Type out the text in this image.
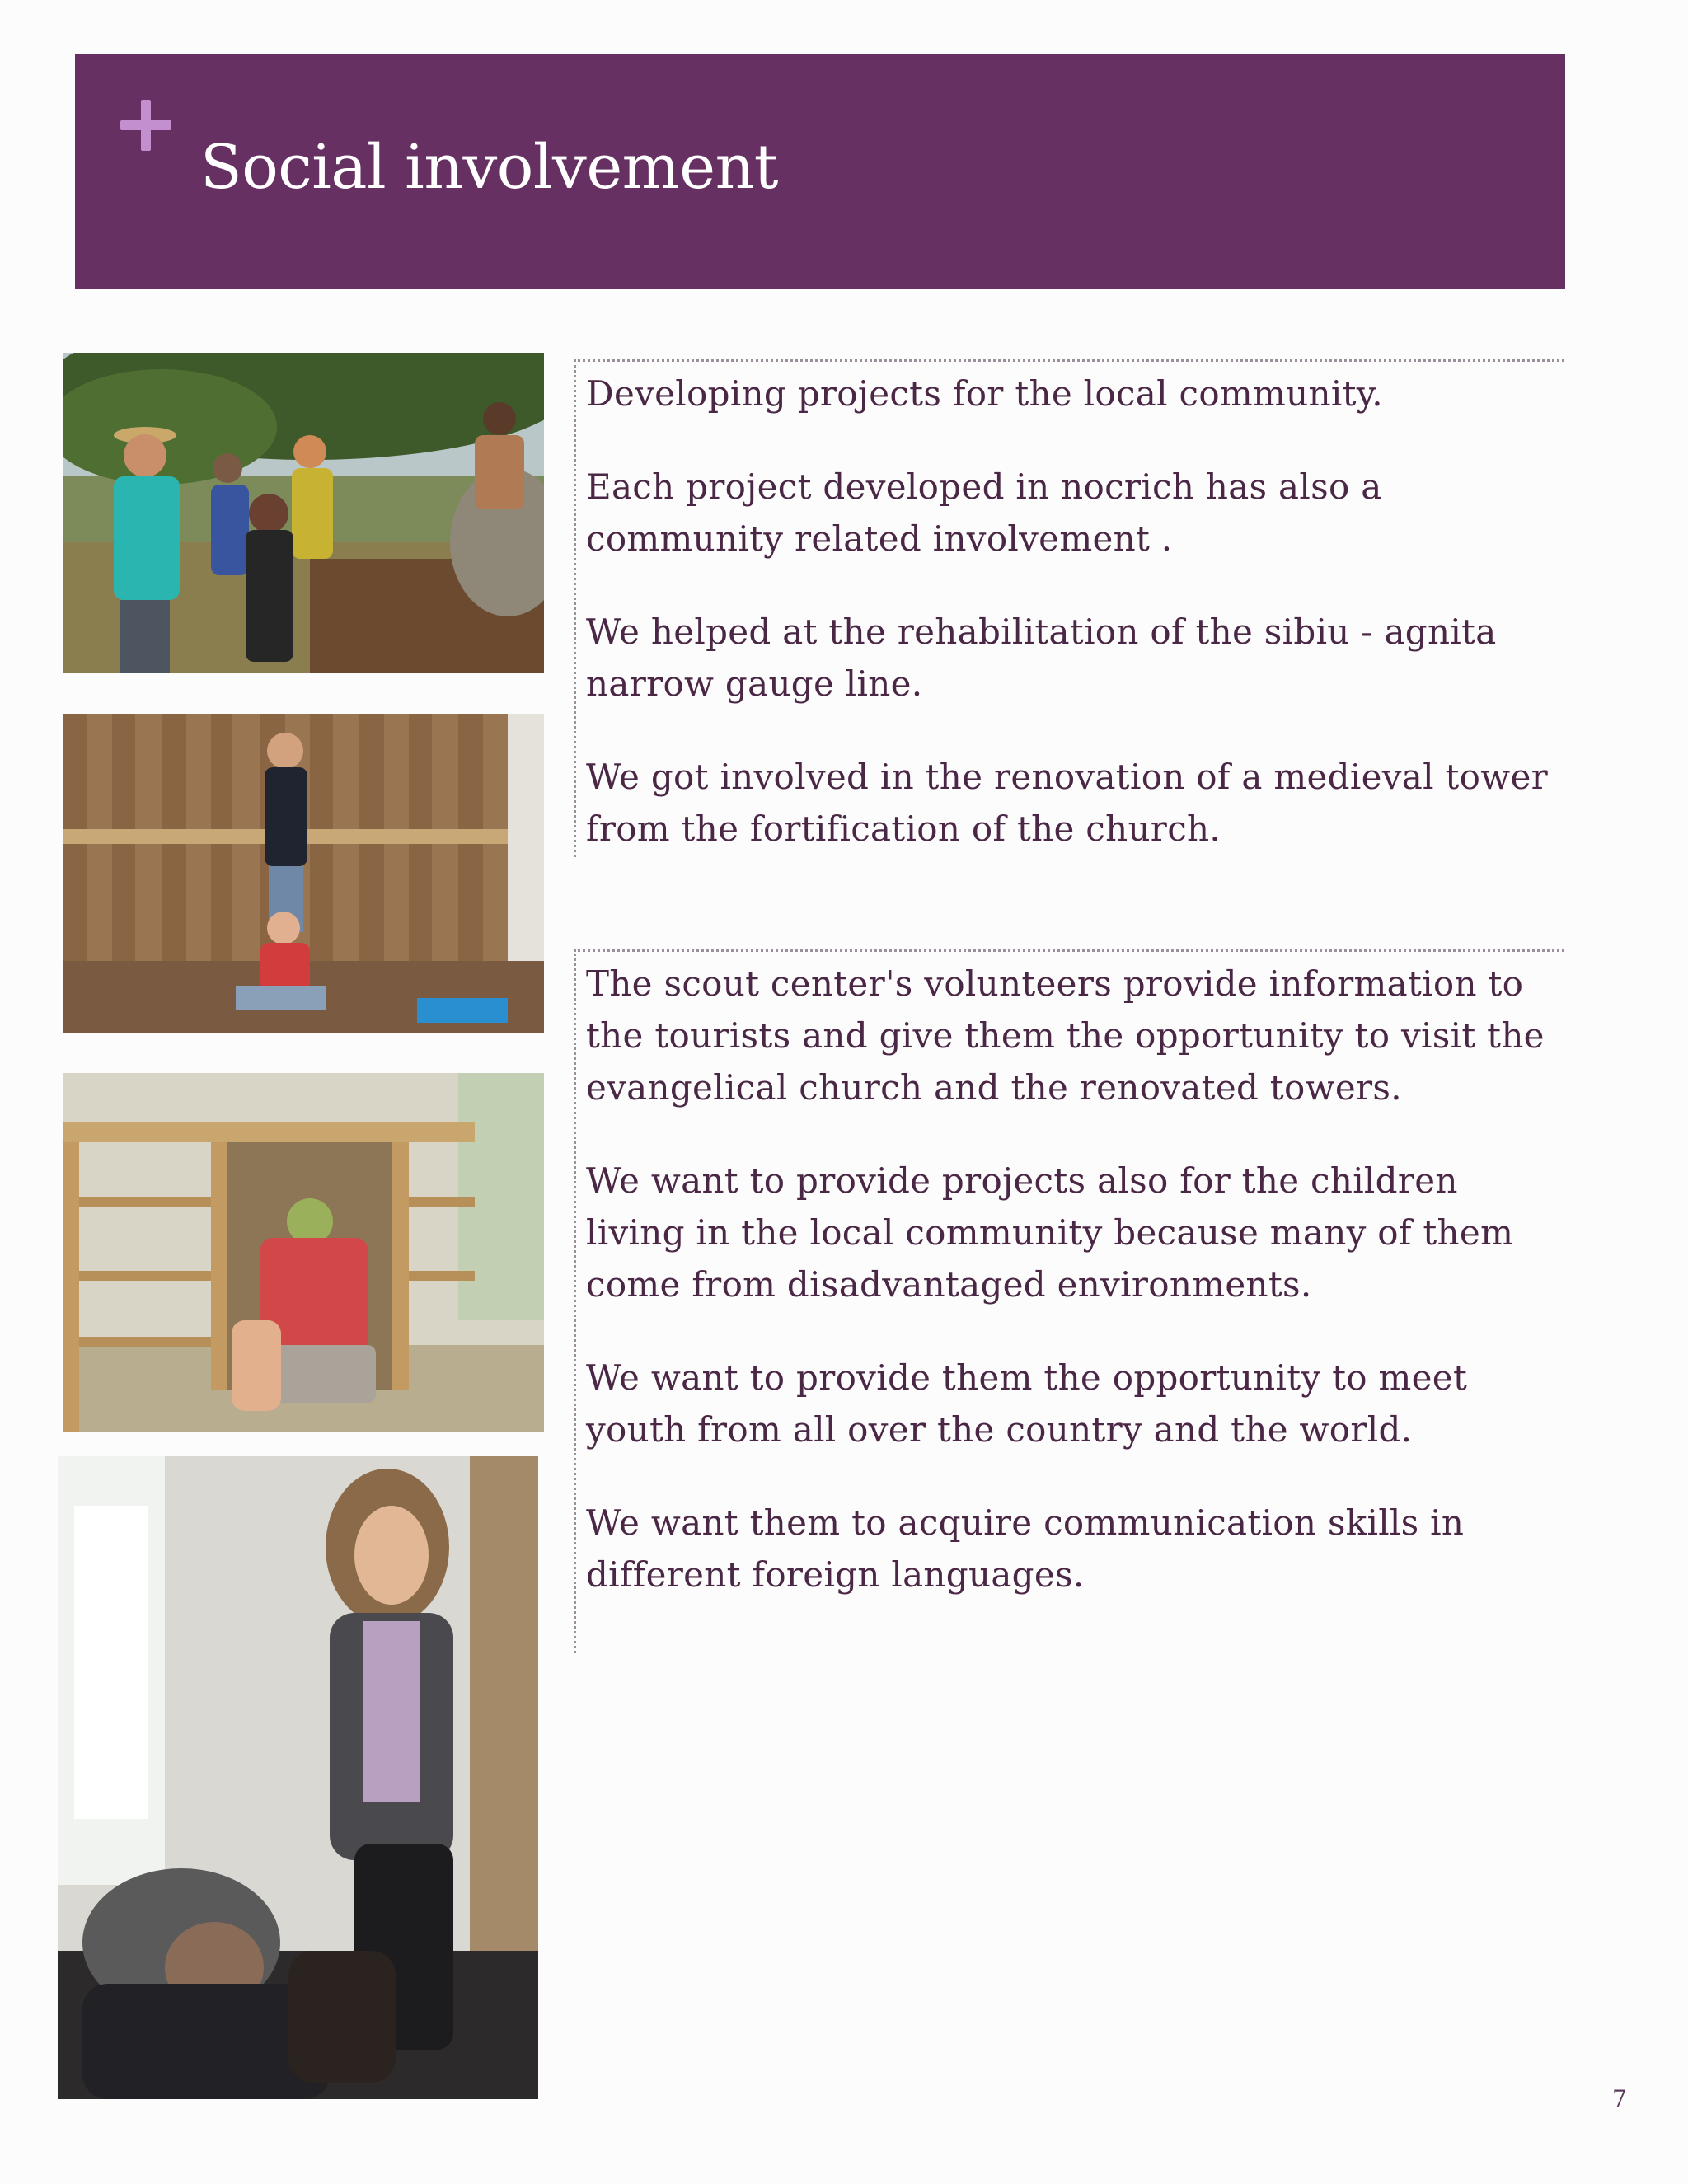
Social involvement

Developing projects for the local community.

Each project developed in nocrich has also a community related involvement .

We helped at the rehabilitation of the sibiu - agnita narrow gauge line.

We got involved in the renovation of a medieval tower from the fortification of the church.

The scout center's volunteers provide information to the tourists and give them the opportunity to visit the evangelical church and the renovated towers.

We want to provide projects also for the children living in the local community because many of them come from disadvantaged environments.

We want to provide them the opportunity to meet youth from all over the country and the world.

We want them to acquire communication skills in different foreign languages.

7
